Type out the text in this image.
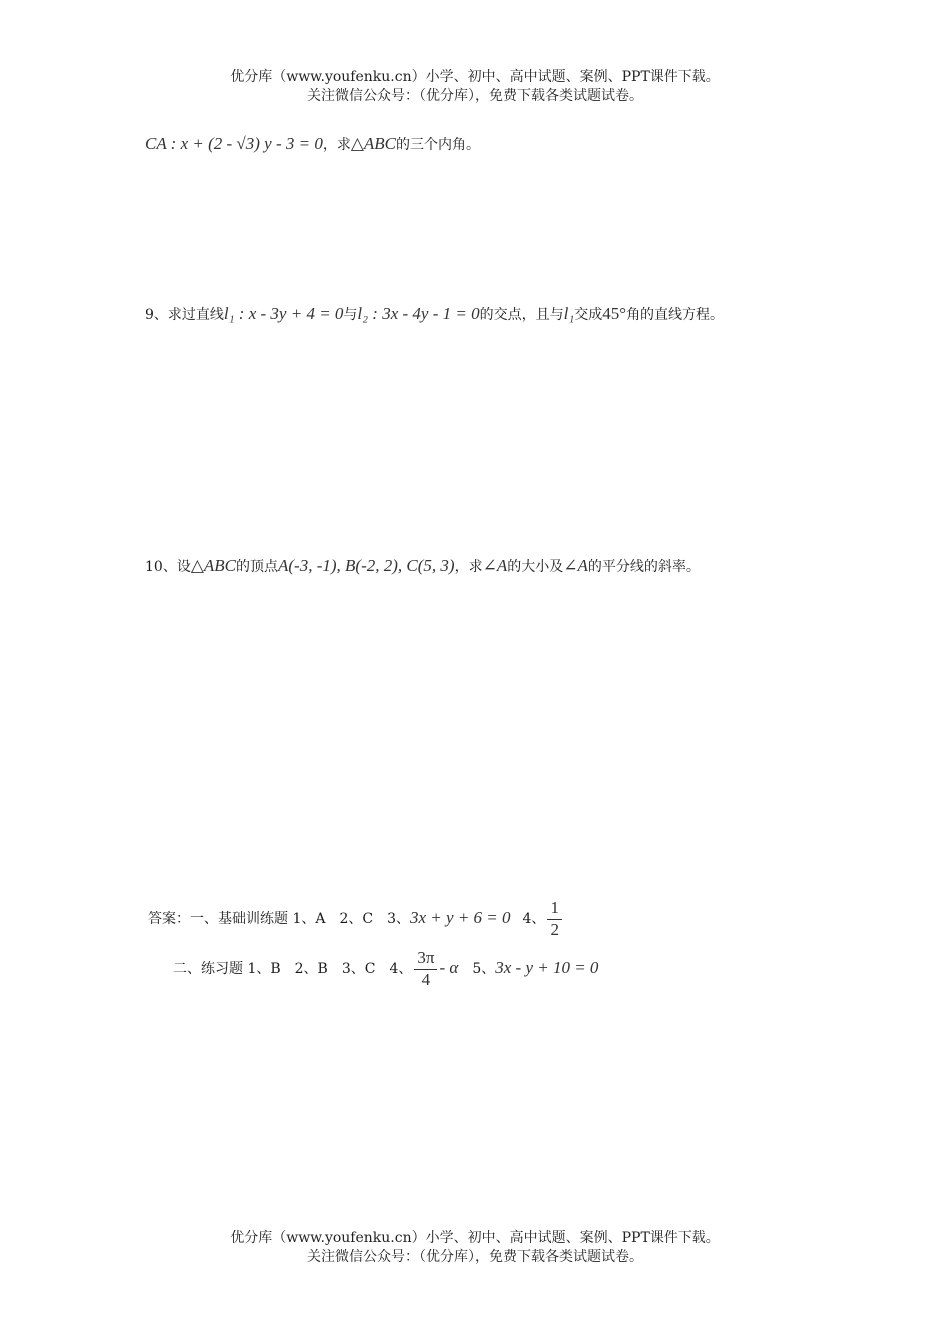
优分库（www.youfenku.cn）小学、初中、高中试题、案例、PPT课件下载。
关注微信公众号：（优分库），免费下载各类试题试卷。
CA : x + (2 - √3) y - 3 = 0，求△ABC的三个内角。
9、求过直线l₁ : x - 3y + 4 = 0与l₂ : 3x - 4y - 1 = 0的交点，且与l₁交成45°角的直线方程。
10、设△ABC的顶点A(-3, -1), B(-2, 2), C(5, 3)，求∠A的大小及∠A的平分线的斜率。
答案：一、基础训练题 1、A　2、C　3、3x + y + 6 = 0 4、 $\frac{1}{2}$
二、练习题 1、B　2、B　3、C　4、 $\frac{3\pi}{4}$ - α 5、3x - y + 10 = 0
优分库（www.youfenku.cn）小学、初中、高中试题、案例、PPT课件下载。
关注微信公众号：（优分库），免费下载各类试题试卷。
